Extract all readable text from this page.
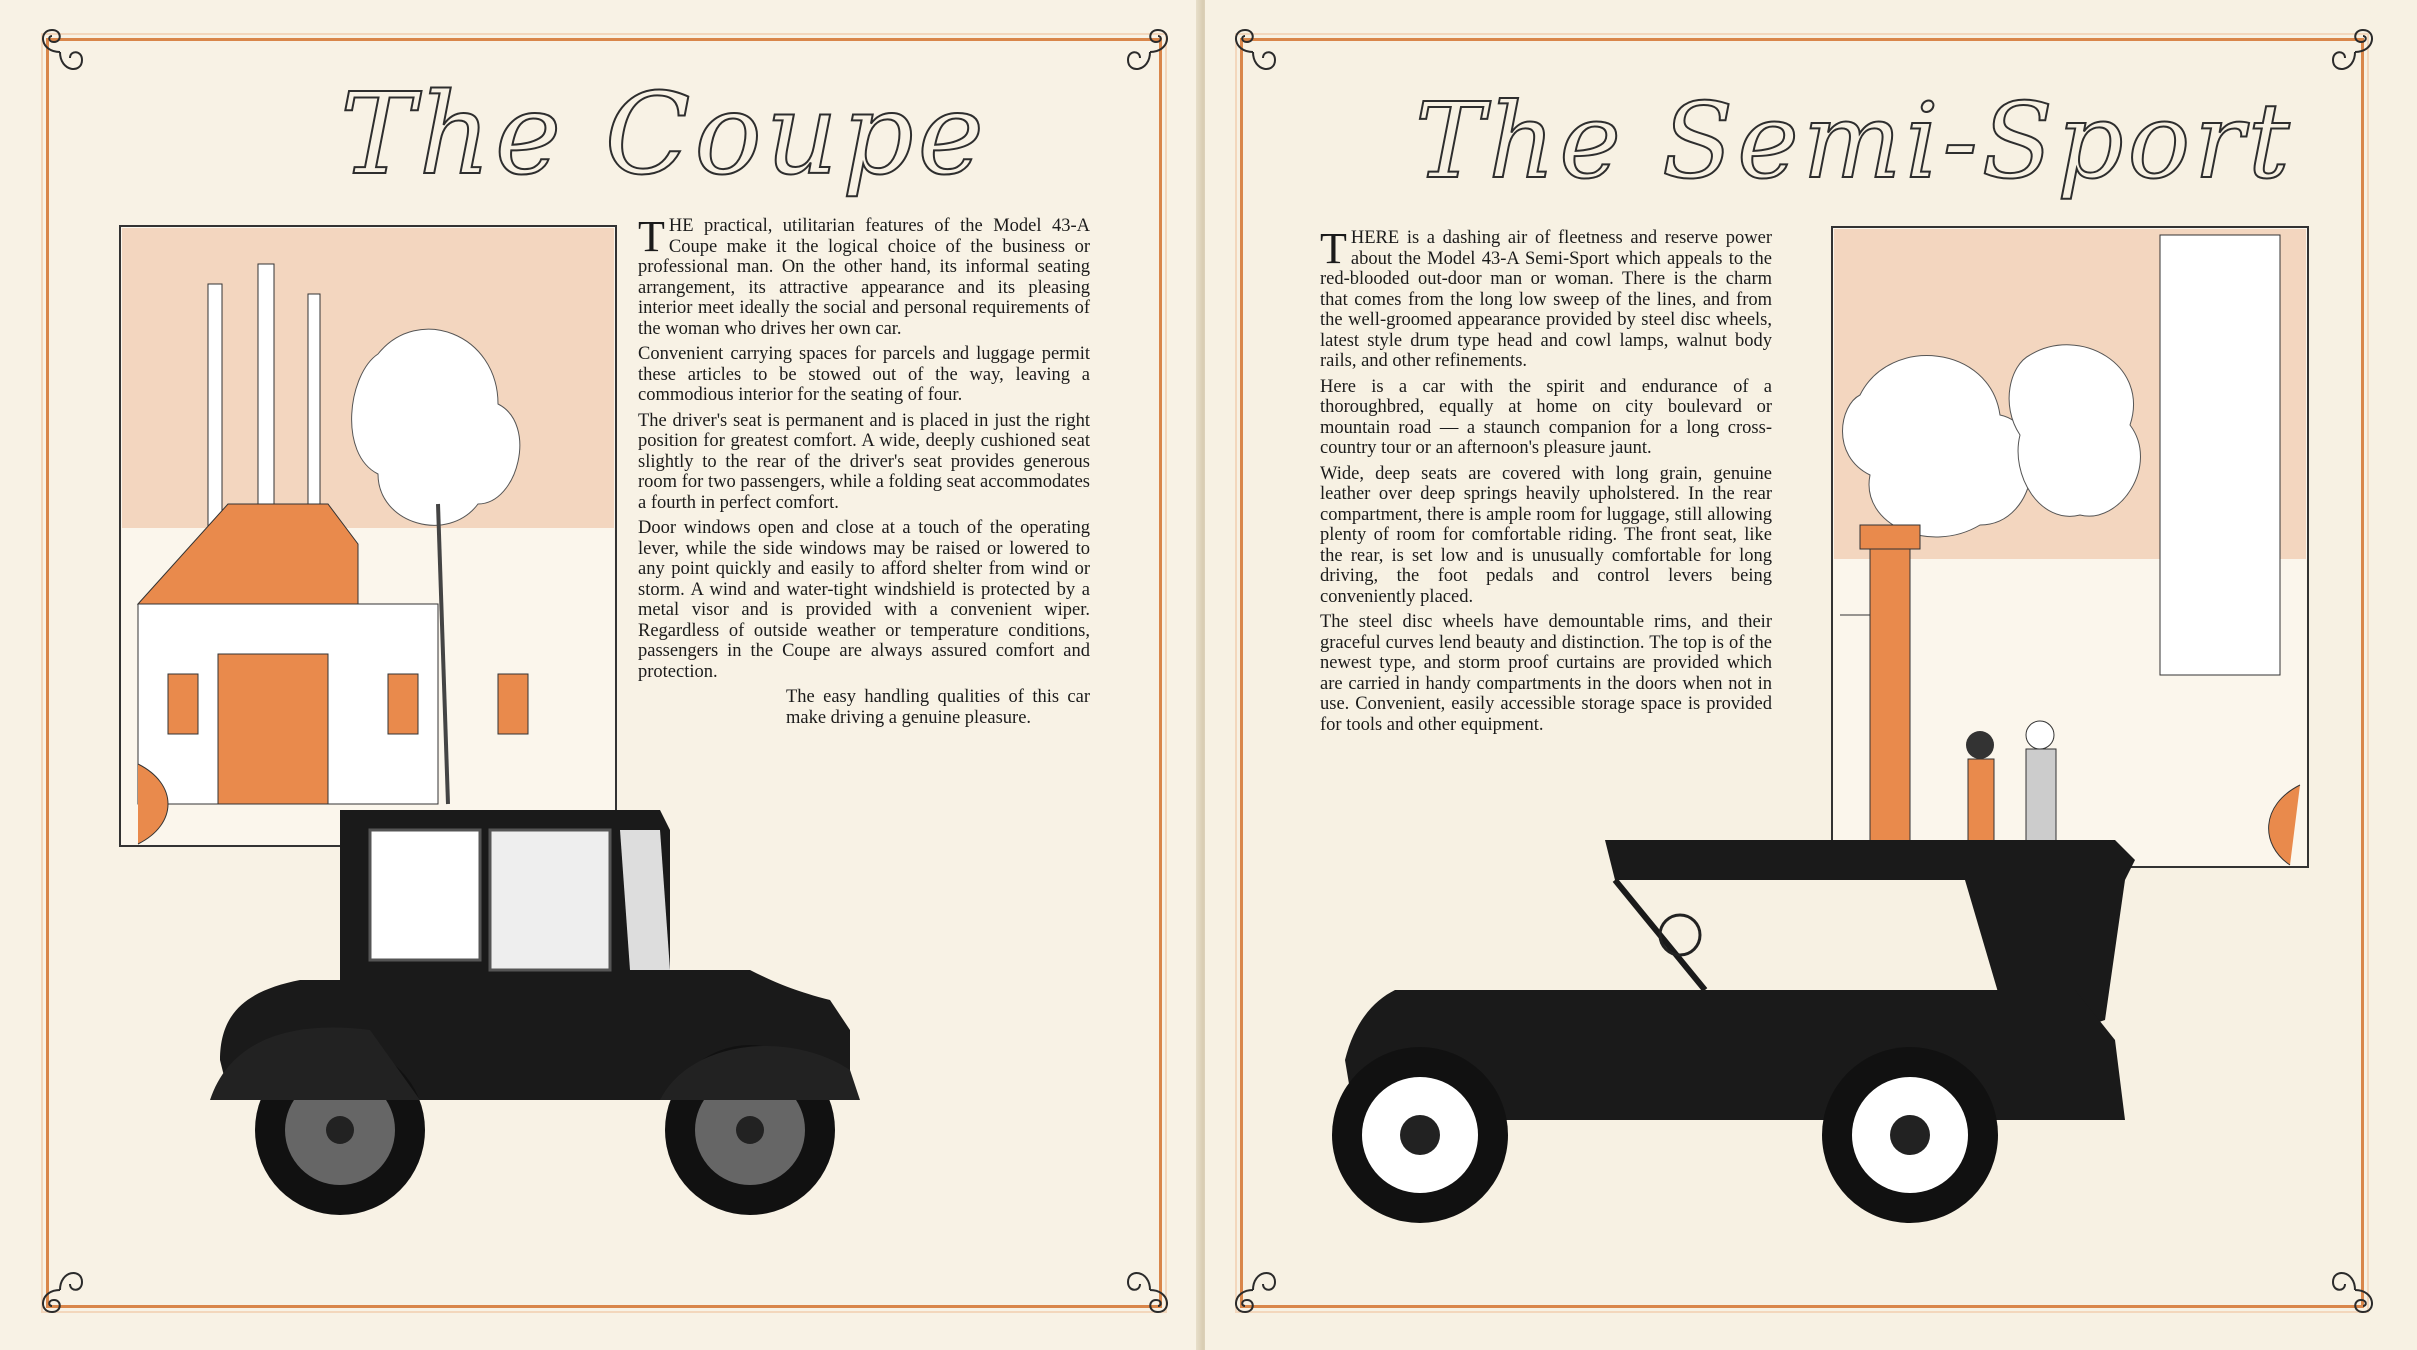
The Coupe

THE practical, utilitarian features of the Model 43-A Coupe make it the logical choice of the business or professional man. On the other hand, its informal seating arrangement, its attractive appearance and its pleasing interior meet ideally the social and personal requirements of the woman who drives her own car.

Convenient carrying spaces for parcels and luggage permit these articles to be stowed out of the way, leaving a commodious interior for the seating of four.

The driver's seat is permanent and is placed in just the right position for greatest comfort. A wide, deeply cushioned seat slightly to the rear of the driver's seat provides generous room for two passengers, while a folding seat accommodates a fourth in perfect comfort.

Door windows open and close at a touch of the operating lever, while the side windows may be raised or lowered to any point quickly and easily to afford shelter from wind or storm. A wind and water-tight windshield is protected by a metal visor and is provided with a convenient wiper. Regardless of outside weather or temperature conditions, passengers in the Coupe are always assured comfort and protection.

The easy handling qualities of this car make driving a genuine pleasure.

The Semi-Sport

THERE is a dashing air of fleetness and reserve power about the Model 43-A Semi-Sport which appeals to the red-blooded out-door man or woman. There is the charm that comes from the long low sweep of the lines, and from the well-groomed appearance provided by steel disc wheels, latest style drum type head and cowl lamps, walnut body rails, and other refinements.

Here is a car with the spirit and endurance of a thoroughbred, equally at home on city boulevard or mountain road — a staunch companion for a long cross-country tour or an afternoon's pleasure jaunt.

Wide, deep seats are covered with long grain, genuine leather over deep springs heavily upholstered. In the rear compartment, there is ample room for luggage, still allowing plenty of room for comfortable riding. The front seat, like the rear, is set low and is unusually comfortable for long driving, the foot pedals and control levers being conveniently placed.

The steel disc wheels have demountable rims, and their graceful curves lend beauty and distinction. The top is of the newest type, and storm proof curtains are provided which are carried in handy compartments in the doors when not in use. Convenient, easily accessible storage space is provided for tools and other equipment.
